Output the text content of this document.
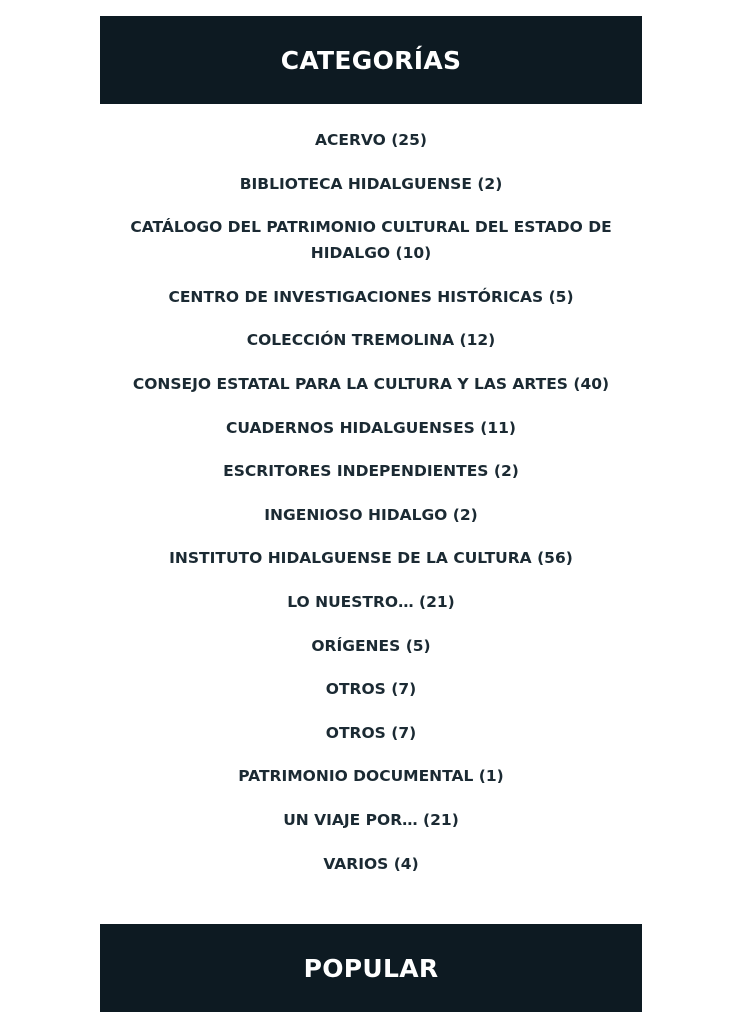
CATEGORÍAS
ACERVO (25)
BIBLIOTECA HIDALGUENSE (2)
CATÁLOGO DEL PATRIMONIO CULTURAL DEL ESTADO DE HIDALGO (10)
CENTRO DE INVESTIGACIONES HISTÓRICAS (5)
COLECCIÓN TREMOLINA (12)
CONSEJO ESTATAL PARA LA CULTURA Y LAS ARTES (40)
CUADERNOS HIDALGUENSES (11)
ESCRITORES INDEPENDIENTES (2)
INGENIOSO HIDALGO (2)
INSTITUTO HIDALGUENSE DE LA CULTURA (56)
LO NUESTRO… (21)
ORÍGENES (5)
OTROS (7)
OTROS (7)
PATRIMONIO DOCUMENTAL (1)
UN VIAJE POR… (21)
VARIOS (4)
POPULAR
